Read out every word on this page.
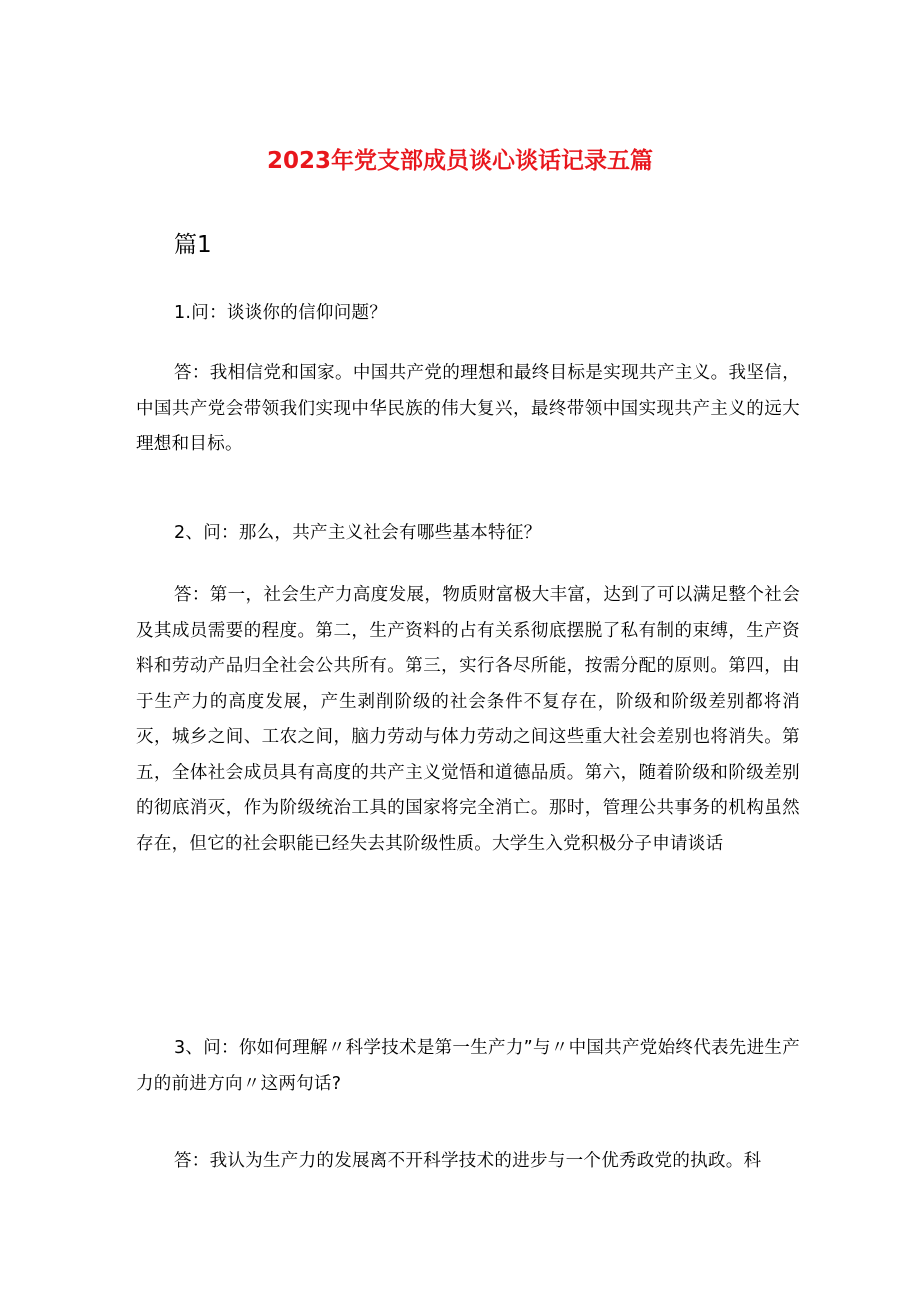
2023年党支部成员谈心谈话记录五篇
篇1

1.问：谈谈你的信仰问题？

答：我相信党和国家。中国共产党的理想和最终目标是实现共产主义。我坚信，中国共产党会带领我们实现中华民族的伟大复兴，最终带领中国实现共产主义的远大理想和目标。

2、问：那么，共产主义社会有哪些基本特征？

答：第一，社会生产力高度发展，物质财富极大丰富，达到了可以满足整个社会及其成员需要的程度。第二，生产资料的占有关系彻底摆脱了私有制的束缚，生产资料和劳动产品归全社会公共所有。第三，实行各尽所能，按需分配的原则。第四，由于生产力的高度发展，产生剥削阶级的社会条件不复存在，阶级和阶级差别都将消灭，城乡之间、工农之间，脑力劳动与体力劳动之间这些重大社会差别也将消失。第五，全体社会成员具有高度的共产主义觉悟和道德品质。第六，随着阶级和阶级差别的彻底消灭，作为阶级统治工具的国家将完全消亡。那时，管理公共事务的机构虽然存在，但它的社会职能已经失去其阶级性质。大学生入党积极分子申请谈话

3、问：你如何理解〃科学技术是第一生产力”与〃中国共产党始终代表先进生产力的前进方向〃这两句话?

答：我认为生产力的发展离不开科学技术的进步与一个优秀政党的执政。科
